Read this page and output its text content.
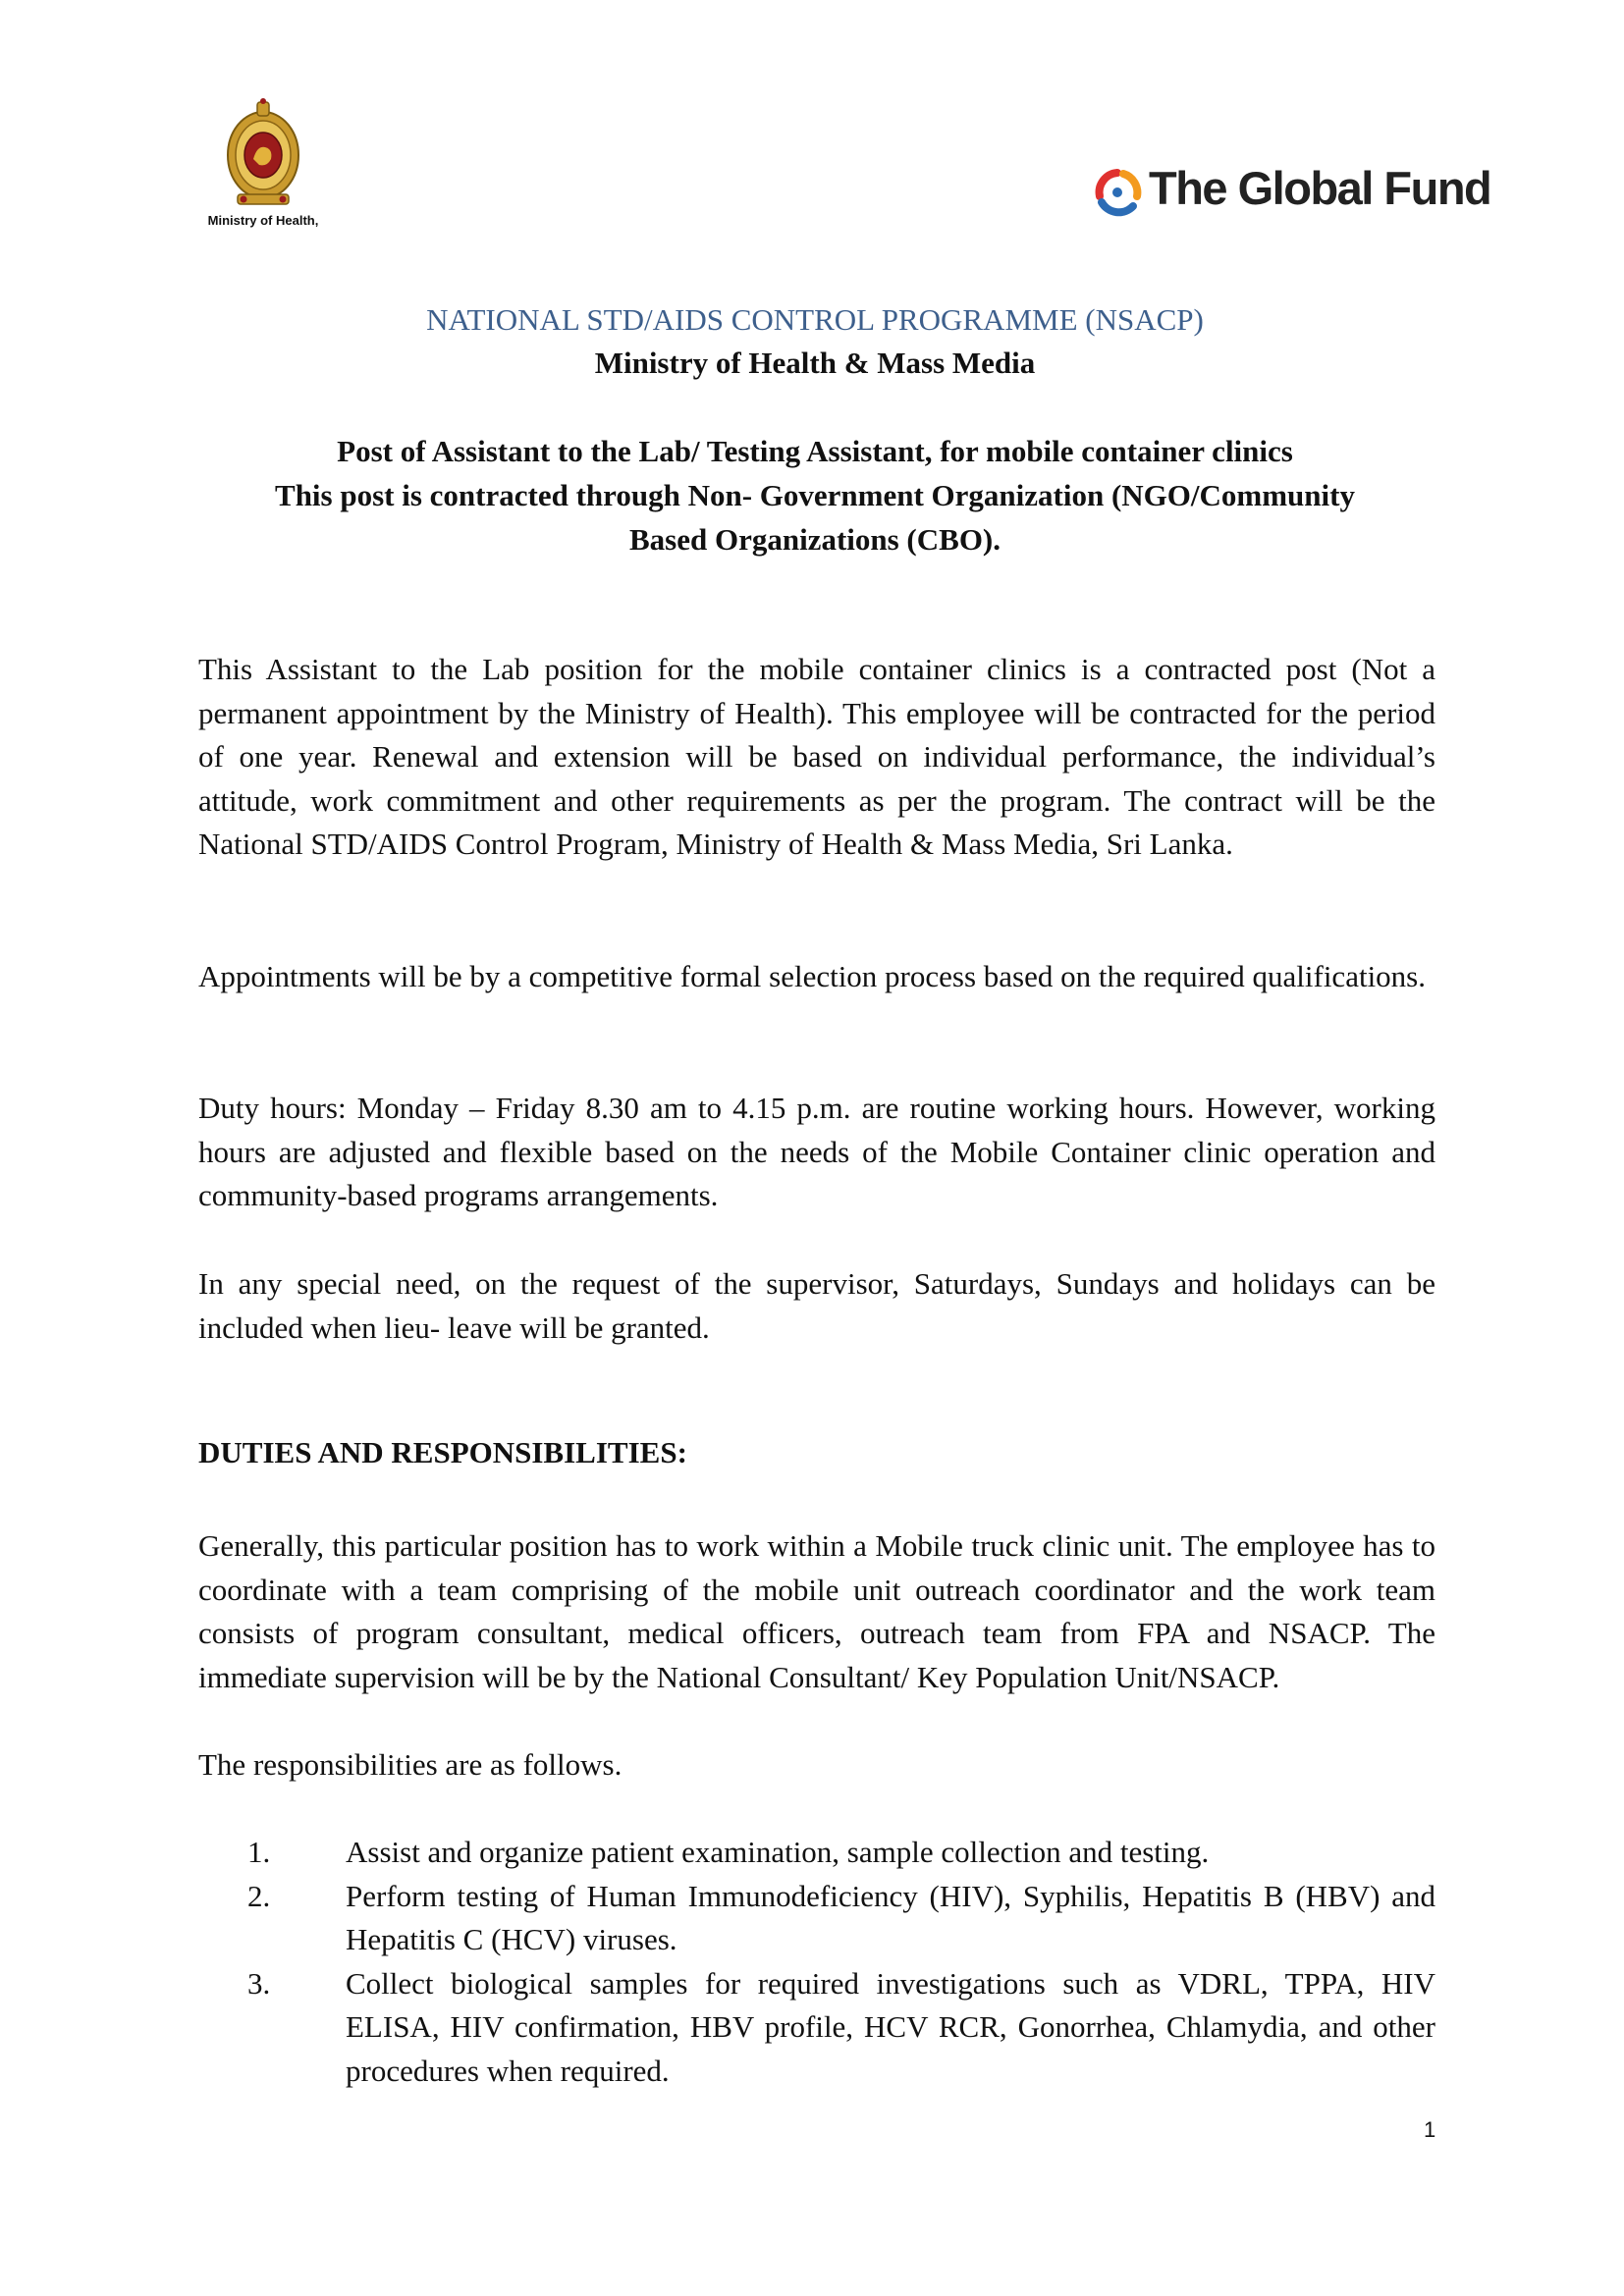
Ministry of Health,
The Global Fund
NATIONAL STD/AIDS CONTROL PROGRAMME (NSACP)
Ministry of Health & Mass Media
Post of Assistant to the Lab/ Testing Assistant, for mobile container clinics
This post is contracted through Non- Government Organization (NGO/Community
Based Organizations (CBO).

This Assistant to the Lab position for the mobile container clinics is a contracted post (Not a permanent appointment by the Ministry of Health). This employee will be contracted for the period of one year. Renewal and extension will be based on individual performance, the individual’s attitude, work commitment and other requirements as per the program. The contract will be the National STD/AIDS Control Program, Ministry of Health & Mass Media, Sri Lanka.

Appointments will be by a competitive formal selection process based on the required qualifications.

Duty hours: Monday – Friday 8.30 am to 4.15 p.m. are routine working hours. However, working hours are adjusted and flexible based on the needs of the Mobile Container clinic operation and community-based programs arrangements.

In any special need, on the request of the supervisor, Saturdays, Sundays and holidays can be included when lieu- leave will be granted.

DUTIES AND RESPONSIBILITIES:

Generally, this particular position has to work within a Mobile truck clinic unit. The employee has to coordinate with a team comprising of the mobile unit outreach coordinator and the work team consists of program consultant, medical officers, outreach team from FPA and NSACP. The immediate supervision will be by the National Consultant/ Key Population Unit/NSACP.

The responsibilities are as follows.

1. Assist and organize patient examination, sample collection and testing.
2. Perform testing of Human Immunodeficiency (HIV), Syphilis, Hepatitis B (HBV) and Hepatitis C (HCV) viruses.
3. Collect biological samples for required investigations such as VDRL, TPPA, HIV ELISA, HIV confirmation, HBV profile, HCV RCR, Gonorrhea, Chlamydia, and other procedures when required.
1
